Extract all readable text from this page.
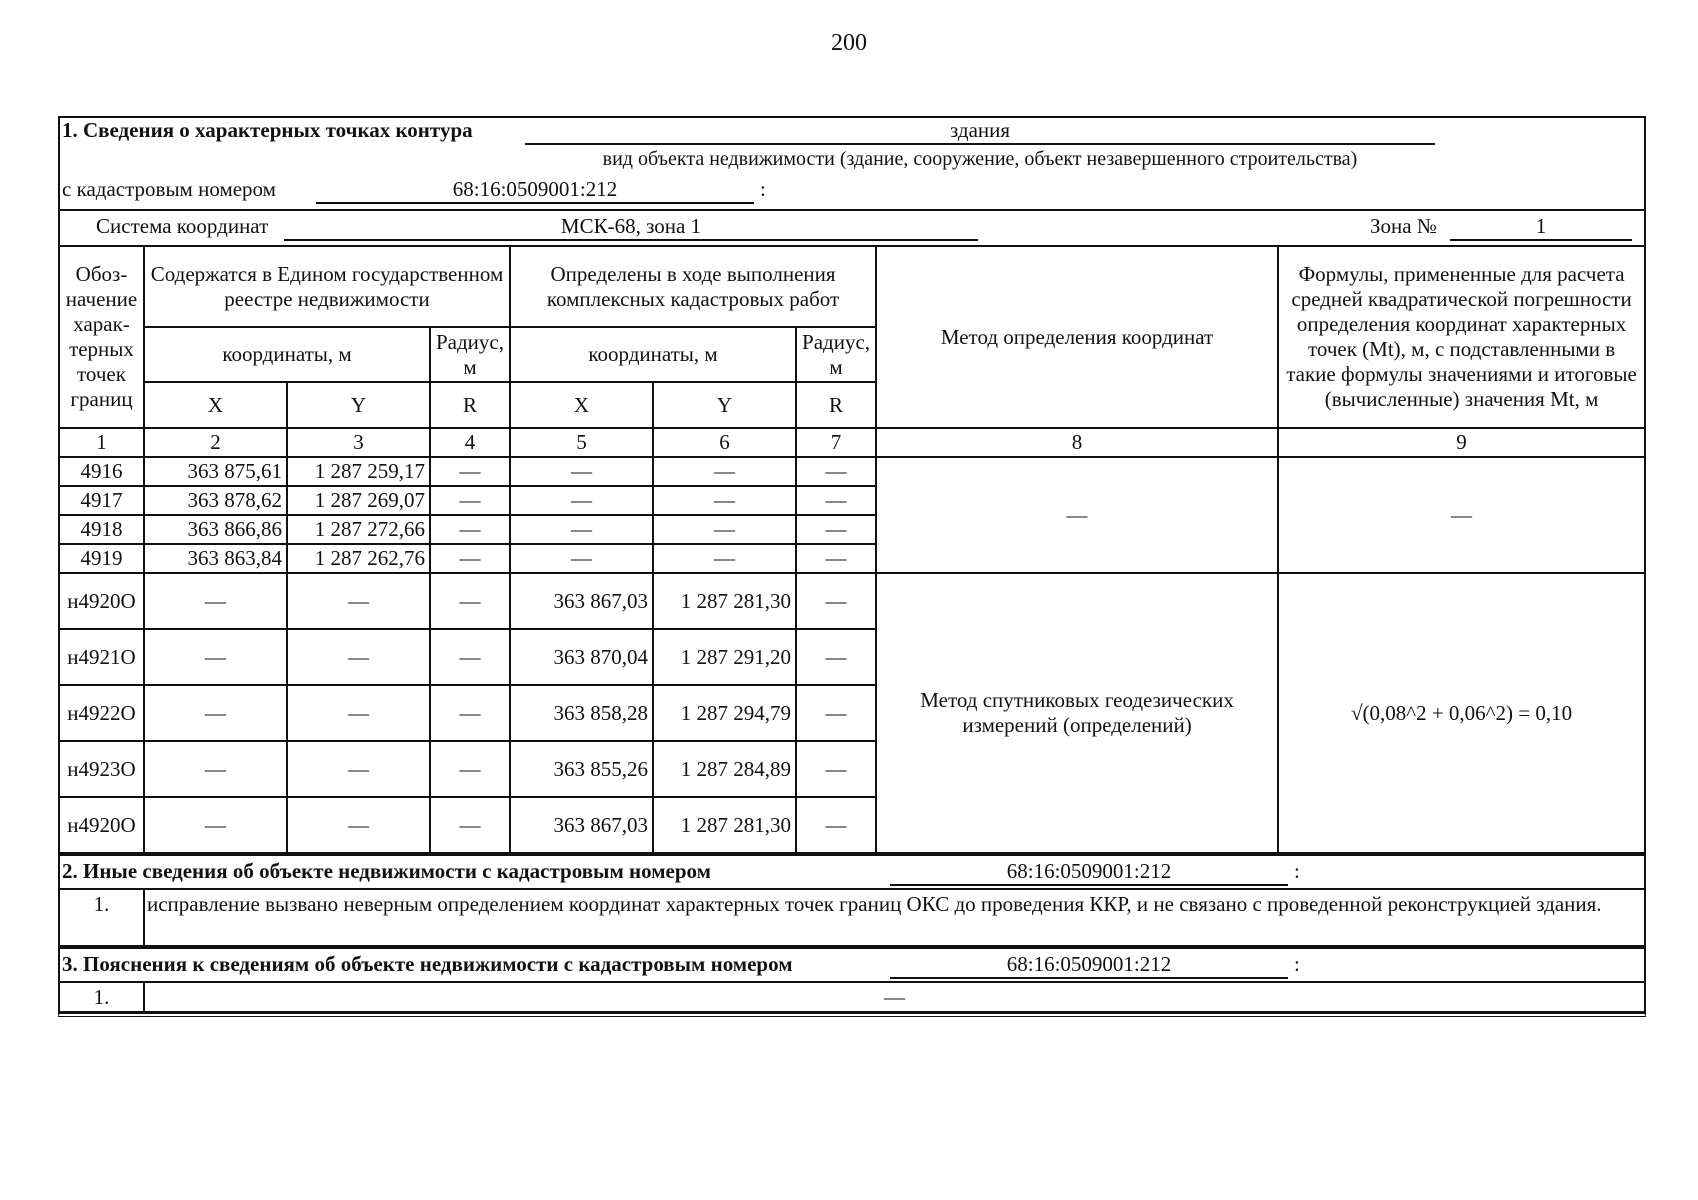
200
1. Сведения о характерных точках контура	здания
вид объекта недвижимости (здание, сооружение, объект незавершенного строительства)
с кадастровым номером	68:16:0509001:212	:
Система координат	МСК-68, зона 1	Зона №	1
Обоз-начение харак-терных точек границ	Содержатся в Едином государственном реестре недвижимости			Определены в ходе выполнения комплексных кадастровых работ			Метод определения координат	Формулы, примененные для расчета средней квадратической погрешности определения координат характерных точек (Mt), м, с подставленными в такие формулы значениями и итоговые (вычисленные) значения Mt, м
	координаты, м		Радиус, м	координаты, м		Радиус, м		
	X	Y	R	X	Y	R		
1	2	3	4	5	6	7	8	9
4916	363 875,61	1 287 259,17	—	—	—	—	—	—
4917	363 878,62	1 287 269,07	—	—	—	—		
4918	363 866,86	1 287 272,66	—	—	—	—		
4919	363 863,84	1 287 262,76	—	—	—	—		
н4920О	—	—	—	363 867,03	1 287 281,30	—	Метод спутниковых геодезических измерений (определений)	√(0,08^2 + 0,06^2) = 0,10
н4921О	—	—	—	363 870,04	1 287 291,20	—		
н4922О	—	—	—	363 858,28	1 287 294,79	—		
н4923О	—	—	—	363 855,26	1 287 284,89	—		
н4920О	—	—	—	363 867,03	1 287 281,30	—		
2. Иные сведения об объекте недвижимости с кадастровым номером	68:16:0509001:212	:
1.	исправление вызвано неверным определением координат характерных точек границ ОКС до проведения ККР, и не связано с проведенной реконструкцией здания.
3. Пояснения к сведениям об объекте недвижимости с кадастровым номером	68:16:0509001:212	:
1.	—
